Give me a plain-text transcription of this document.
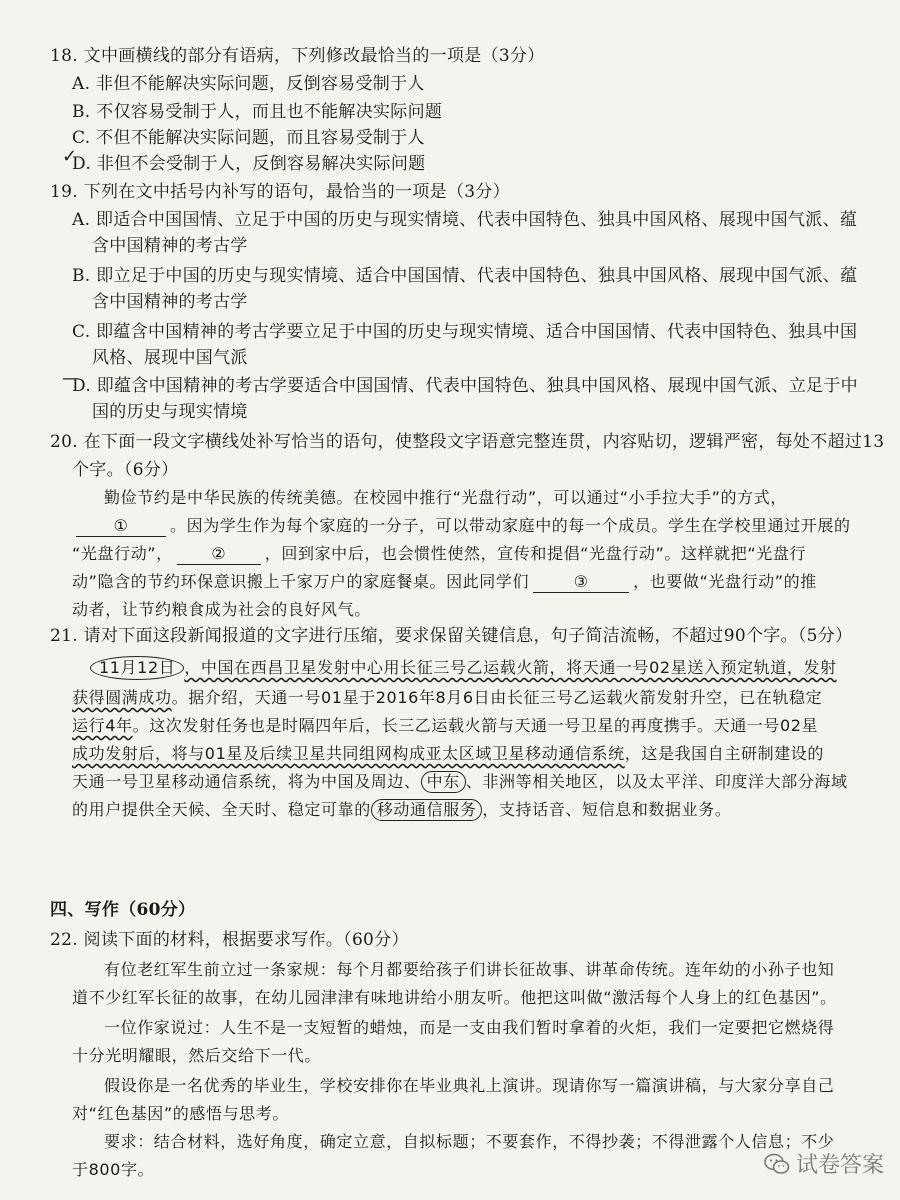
18. 文中画横线的部分有语病，下列修改最恰当的一项是（3分）
A. 非但不能解决实际问题，反倒容易受制于人
B. 不仅容易受制于人，而且也不能解决实际问题
C. 不但不能解决实际问题，而且容易受制于人
D. 非但不会受制于人，反倒容易解决实际问题
✓
19. 下列在文中括号内补写的语句，最恰当的一项是（3分）
A. 即适合中国国情、立足于中国的历史与现实情境、代表中国特色、独具中国风格、展现中国气派、蕴
含中国精神的考古学
B. 即立足于中国的历史与现实情境、适合中国国情、代表中国特色、独具中国风格、展现中国气派、蕴
含中国精神的考古学
C. 即蕴含中国精神的考古学要立足于中国的历史与现实情境、适合中国国情、代表中国特色、独具中国
风格、展现中国气派
D. 即蕴含中国精神的考古学要适合中国国情、代表中国特色、独具中国风格、展现中国气派、立足于中
国的历史与现实情境
—
20. 在下面一段文字横线处补写恰当的语句，使整段文字语意完整连贯，内容贴切，逻辑严密，每处不超过13
个字。（6分）
勤俭节约是中华民族的传统美德。在校园中推行“光盘行动”，可以通过“小手拉大手”的方式，
①	。因为学生作为每个家庭的一分子，可以带动家庭中的每一个成员。学生在学校里通过开展的
“光盘行动”， ② ，回到家中后，也会惯性使然，宣传和提倡“光盘行动”。这样就把“光盘行
动”隐含的节约环保意识搬上千家万户的家庭餐桌。因此同学们	③	，也要做“光盘行动”的推
动者，让节约粮食成为社会的良好风气。
21. 请对下面这段新闻报道的文字进行压缩，要求保留关键信息，句子简洁流畅，不超过90个字。（5分）
11月12日 ，中国在西昌卫星发射中心用长征三号乙运载火箭，将天通一号02星送入预定轨道，发射
获得圆满成功。据介绍，天通一号01星于2016年8月6日由长征三号乙运载火箭发射升空，已在轨稳定
运行4年。这次发射任务也是时隔四年后，长三乙运载火箭与天通一号卫星的再度携手。天通一号02星
成功发射后，将与01星及后续卫星共同组网构成亚太区域卫星移动通信系统，这是我国自主研制建设的
天通一号卫星移动通信系统，将为中国及周边、 中东 、非洲等相关地区，以及太平洋、印度洋大部分海域
的用户提供全天候、全天时、稳定可靠的 移动通信服务 ，支持话音、短信息和数据业务。
四、写作（60分）
22. 阅读下面的材料，根据要求写作。（60分）
有位老红军生前立过一条家规：每个月都要给孩子们讲长征故事、讲革命传统。连年幼的小孙子也知
道不少红军长征的故事，在幼儿园津津有味地讲给小朋友听。他把这叫做“激活每个人身上的红色基因”。
一位作家说过：人生不是一支短暂的蜡烛，而是一支由我们暂时拿着的火炬，我们一定要把它燃烧得
十分光明耀眼，然后交给下一代。
假设你是一名优秀的毕业生，学校安排你在毕业典礼上演讲。现请你写一篇演讲稿，与大家分享自己
对“红色基因”的感悟与思考。
要求：结合材料，选好角度，确定立意，自拟标题；不要套作，不得抄袭；不得泄露个人信息；不少
于800字。	试卷答案
